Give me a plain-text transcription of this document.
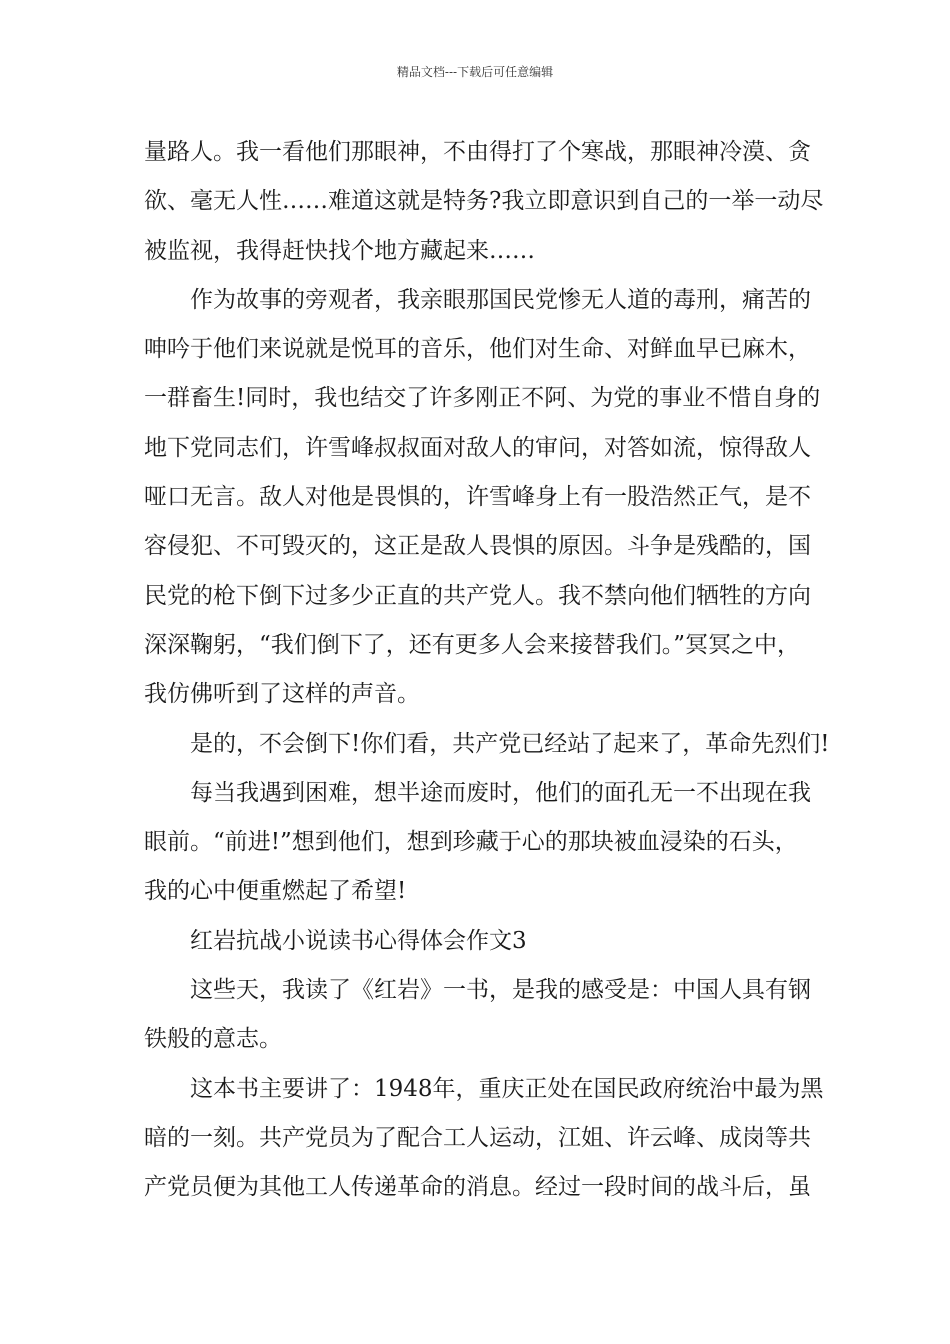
精品文档---下载后可任意编辑
量路人。我一看他们那眼神，不由得打了个寒战，那眼神冷漠、贪
欲、毫无人性……难道这就是特务?我立即意识到自己的一举一动尽
被监视，我得赶快找个地方藏起来……
作为故事的旁观者，我亲眼那国民党惨无人道的毒刑，痛苦的
呻吟于他们来说就是悦耳的音乐，他们对生命、对鲜血早已麻木，
一群畜生!同时，我也结交了许多刚正不阿、为党的事业不惜自身的
地下党同志们，许雪峰叔叔面对敌人的审问，对答如流，惊得敌人
哑口无言。敌人对他是畏惧的，许雪峰身上有一股浩然正气，是不
容侵犯、不可毁灭的，这正是敌人畏惧的原因。斗争是残酷的，国
民党的枪下倒下过多少正直的共产党人。我不禁向他们牺牲的方向
深深鞠躬，“我们倒下了，还有更多人会来接替我们。”冥冥之中，
我仿佛听到了这样的声音。
是的，不会倒下!你们看，共产党已经站了起来了，革命先烈们!
每当我遇到困难，想半途而废时，他们的面孔无一不出现在我
眼前。“前进!”想到他们，想到珍藏于心的那块被血浸染的石头，
我的心中便重燃起了希望!
红岩抗战小说读书心得体会作文3
这些天，我读了《红岩》一书，是我的感受是：中国人具有钢
铁般的意志。
这本书主要讲了：1948年，重庆正处在国民政府统治中最为黑
暗的一刻。共产党员为了配合工人运动，江姐、许云峰、成岗等共
产党员便为其他工人传递革命的消息。经过一段时间的战斗后，虽
